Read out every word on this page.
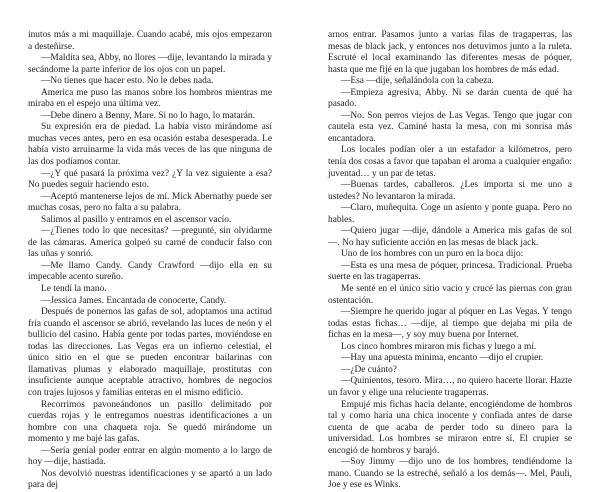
inutos más a mi maquillaje. Cuando acabé, mis ojos empezaron a desteñirse.

—Maldita sea, Abby, no llores —dije, levantando la mirada y secándome la parte inferior de los ojos con un papel.

—No tienes que hacer esto. No le debes nada.

America me puso las manos sobre los hombros mientras me miraba en el espejo una última vez.

—Debe dinero a Benny, Mare. Si no lo hago, lo matarán.

Su expresión era de piedad. La había visto mirándome así muchas veces antes, pero en esa ocasión estaba desesperada. Le había visto arruinarme la vida más veces de las que ninguna de las dos podíamos contar.

—¿Y qué pasará la próxima vez? ¿Y la vez siguiente a esa? No puedes seguir haciendo esto.

—Aceptó mantenerse lejos de mí. Mick Abernathy puede ser muchas cosas, pero no falta a su palabra.

Salimos al pasillo y entramos en el ascensor vacío.

—¿Tienes todo lo que necesitas? —pregunté, sin olvidarme de las cámaras. America golpeó su carné de conducir falso con las uñas y sonrió.

—Me llamo Candy. Candy Crawford —dijo ella en su impecable acento sureño.

Le tendí la mano.

—Jessica James. Encantada de conocerte, Candy.

Después de ponernos las gafas de sol, adoptamos una actitud fría cuando el ascensor se abrió, revelando las luces de neón y el bullicio del casino. Había gente por todas partes, moviéndose en todas las direcciones. Las Vegas era un infierno celestial, el único sitio en el que se pueden encontrar bailarinas con llamativas plumas y elaborado maquillaje, prostitutas con insuficiente aunque aceptable atractivo, hombres de negocios con trajes lujosos y familias enteras en el mismo edificio.

Recorrimos pavoneándonos un pasillo delimitado por cuerdas rojas y le entregamos nuestras identificaciones a un hombre con una chaqueta roja. Se quedó mirándome un momento y me bajé las gafas.

—Sería genial poder entrar en algún momento a lo largo de hoy —dije, hastiada.

Nos devolvió nuestras identificaciones y se apartó a un lado para dej

arnos entrar. Pasamos junto a varias filas de tragaperras, las mesas de black jack, y entonces nos detuvimos junto a la ruleta. Escruté el local examinando las diferentes mesas de póquer, hasta que me fijé en la que jugaban los hombres de más edad.

—Esa —dije, señalándola con la cabeza.

—Empieza agresiva, Abby. Ni se darán cuenta de qué ha pasado.

—No. Son perros viejos de Las Vegas. Tengo que jugar con cautela esta vez. Caminé hasta la mesa, con mi sonrisa más encantadora.

Los locales podían oler a un estafador a kilómetros, pero tenía dos cosas a favor que tapaban el aroma a cualquier engaño: juventad… y un par de tetas.

—Buenas tardes, caballeros. ¿Les importa si me uno a ustedes? No levantaron la mirada.

—Claro, muñequita. Coge un asiento y ponte guapa. Pero no hables.

—Quiero jugar —dije, dándole a America mis gafas de sol—. No hay suficiente acción en las mesas de black jack.

Uno de los hombres con un puro en la boca dijo:

—Esta es una mesa de póquer, princesa. Tradicional. Prueba suerte en las tragaperras.

Me senté en el único sitio vacío y crucé las piernas con gran ostentación.

—Siempre he querido jugar al póquer en Las Vegas. Y tengo todas estas fichas… —dije, al tiempo que dejaba mi pila de fichas en la mesa—, y soy muy buena por Internet.

Los cinco hombres miraron mis fichas y luego a mí.

—Hay una apuesta mínima, encanto —dijo el crupier.

—¿De cuánto?

—Quinientos, tesoro. Mira…, no quiero hacerte llorar. Hazte un favor y elige una reluciente tragaperras.

Empujé mis fichas hacia delante, encogiéndome de hombros tal y como haría una chica inocente y confiada antes de darse cuenta de que acaba de perder todo su dinero para la universidad. Los hombres se miraron entre sí. El crupier se encogió de hombros y barajó.

—Soy Jimmy —dijo uno de los hombres, tendiéndome la mano. Cuando se la estreché, señaló a los demás—. Mel, Pauli, Joe y ese es Winks.
